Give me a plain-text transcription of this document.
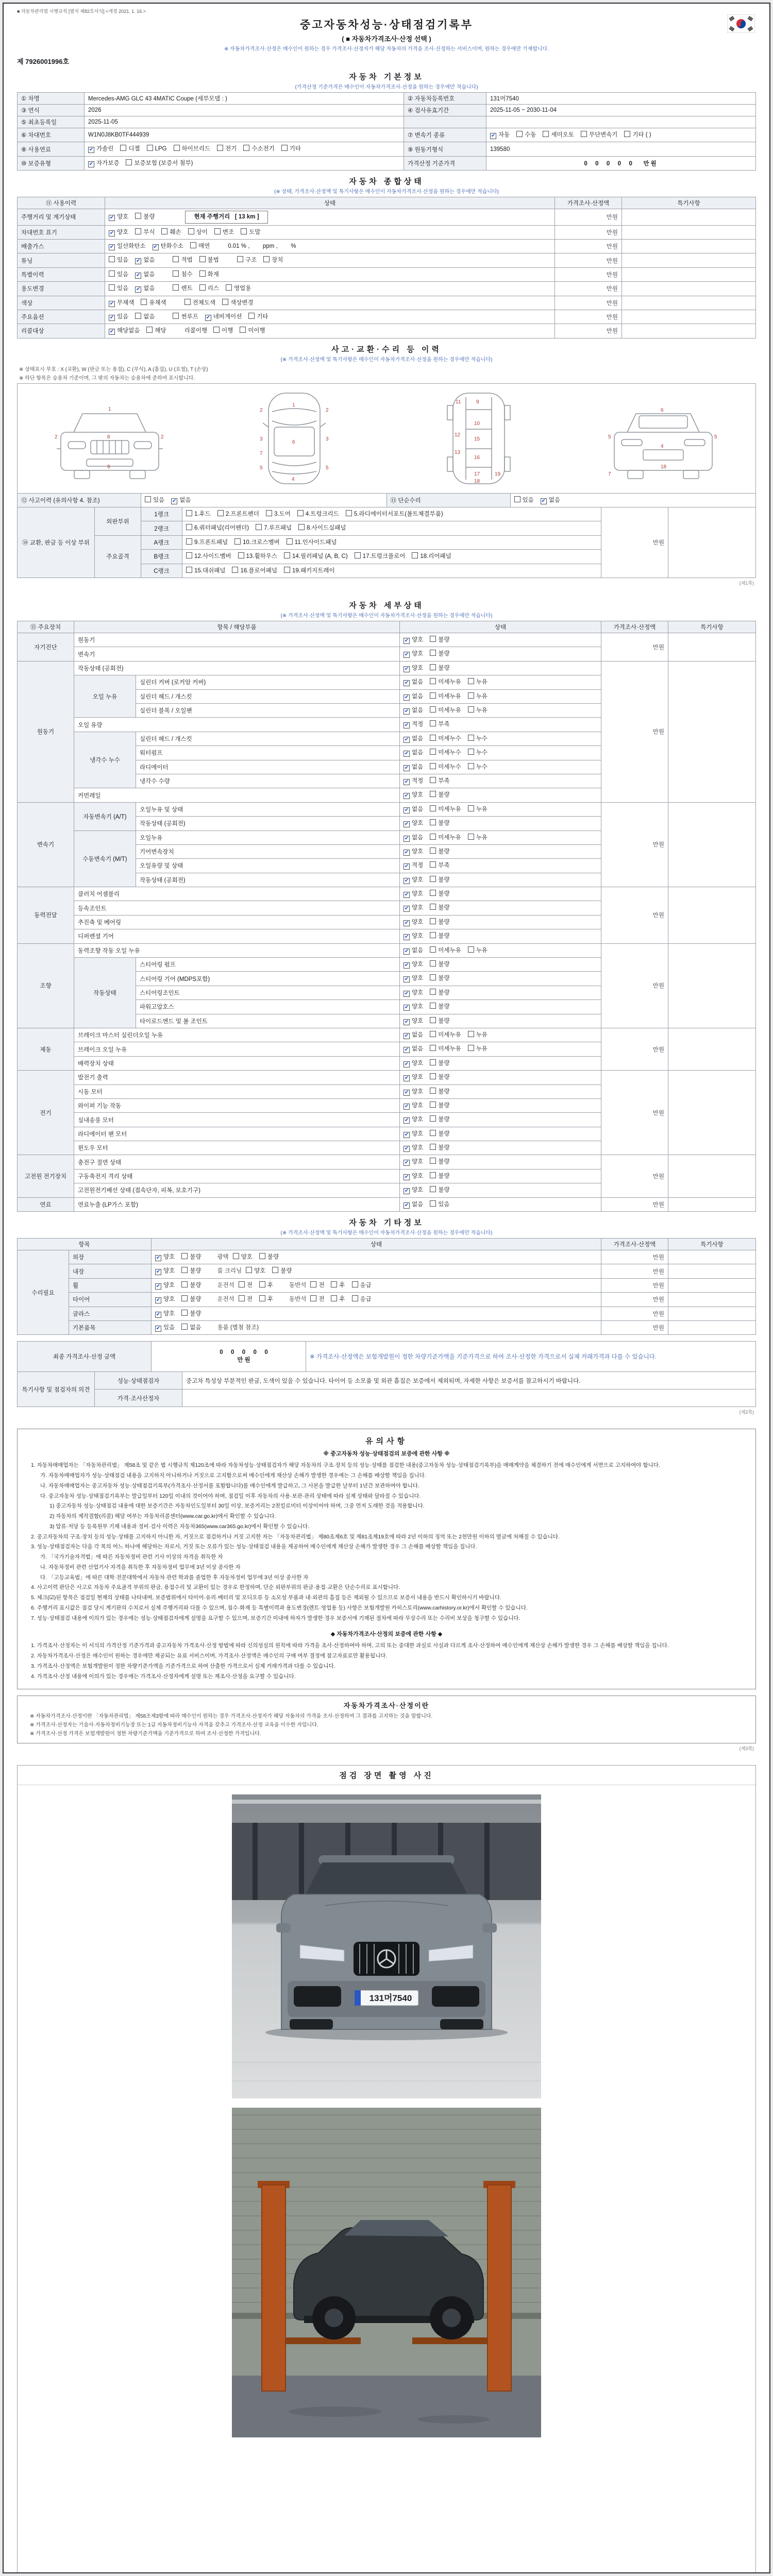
■ 자동차관리법 시행규칙 [별지 제82호서식] <개정 2021. 1. 16.>
중고자동차성능·상태점검기록부
( ■ 자동차가격조사·산정 선택 )
※ 자동차가격조사·산정은 매수인이 원하는 경우 가격조사·산정자가 해당 자동차의 가격을 조사·산정하는 서비스이며, 원하는 경우에만 기재합니다.
제 7926001996호
자동차 기본정보
(가격산정 기준가격은 매수인이 자동차가격조사·산정을 원하는 경우에만 적습니다)
① 차명	Mercedes-AMG GLC 43 4MATIC Coupe (세부모델 : )	② 자동차등록번호	131머7540
③ 연식	2026	④ 검사유효기간	2025-11-05 ~ 2030-11-04
⑤ 최초등록일	2025-11-05		
⑥ 차대번호	W1N0J8KB0TF444939	⑦ 변속기 종류	✔ 자동 수동 세미오토 무단변속기 기타 ( )
⑧ 사용연료	✔ 가솔린 디젤 LPG 하이브리드 전기 수소전기 기타	⑨ 원동기형식	139580
⑩ 보증유형	✔ 자가보증 보증보험 (보증서 첨부)	가격산정 기준가격	0  0  0  0  0   만원
자동차 종합상태
(※ 상태, 가격조사·산정액 및 특기사항은 매수인이 자동차가격조사·산정을 원하는 경우에만 적습니다)
⑪ 사용이력	상태	가격조사·산정액	특기사항
주행거리 및 계기상태	✔ 양호 불량 현재 주행거리   [ 13 km ]	만원	
차대번호 표기	✔ 양호 부식 훼손 상이 변조 도말	만원	
배출가스	✔ 일산화탄소 ✔ 탄화수소 매연 0.01 % ,        ppm ,        %	만원	
튜닝	있음 ✔ 없음 적법 불법 구조 장치	만원	
특별이력	있음 ✔ 없음 침수 화재	만원	
용도변경	있음 ✔ 없음 렌트 리스 영업용	만원	
색상	✔ 무채색 유채색 전체도색 색상변경	만원	
주요옵션	✔ 있음 없음 썬루프 ✔ 네비게이션 기타	만원	
리콜대상	✔ 해당없음 해당 리콜이행 이행 미이행	만원	
사고·교환·수리 등 이력
(※ 가격조사·산정액 및 특기사항은 매수인이 자동차가격조사·산정을 원하는 경우에만 적습니다)
※ 상태표시 부호 : X (교환), W (판금 또는 용접), C (부식), A (흠집), U (요철), T (손상)
※ 하단 항목은 승용차 기준이며, 그 밖의 자동차는 승용차에 준하여 표시합니다.
1
2	2
8
9
1
6
4
3	3
5	5
2	2
7
9
10
11
12
13
15
16
17
18
19
6
4
5	5
18
7
⑫ 사고이력 (유의사항 4. 참조)	있음 ✔ 없음	⑬ 단순수리	있음 ✔ 없음
⑭ 교환, 판금 등 이상 부위	외판부위	1랭크	1.후드 2.프론트펜더 3.도어 4.트렁크리드 5.라디에이터서포트(볼트체결부품)	만원	
		2랭크	6.쿼터패널(리어펜더) 7.루프패널 8.사이드실패널		
	주요골격	A랭크	9.프론트패널 10.크로스멤버 11.인사이드패널		
		B랭크	12.사이드멤버 13.휠하우스 14.필러패널 (A, B, C) 17.트렁크플로어 18.리어패널		
		C랭크	15.대쉬패널 16.플로어패널 19.패키지트레이		
(제1쪽)
자동차 세부상태
(※ 가격조사·산정액 및 특기사항은 매수인이 자동차가격조사·산정을 원하는 경우에만 적습니다)
⑮ 주요장치	항목 / 해당부품		상태	가격조사·산정액	특기사항
자기진단	원동기		✔ 양호 불량	만원	
	변속기		✔ 양호 불량		
원동기	작동상태 (공회전)		✔ 양호 불량	만원	
	오일 누유	실린더 커버 (로커암 커버)	✔ 없음 미세누유 누유		
		실린더 헤드 / 개스킷	✔ 없음 미세누유 누유		
		실린더 블록 / 오일팬	✔ 없음 미세누유 누유		
	오일 유량		✔ 적정 부족		
	냉각수 누수	실린더 헤드 / 개스킷	✔ 없음 미세누수 누수		
		워터펌프	✔ 없음 미세누수 누수		
		라디에이터	✔ 없음 미세누수 누수		
		냉각수 수량	✔ 적정 부족		
	커먼레일		✔ 양호 불량		
변속기	자동변속기 (A/T)	오일누유 및 상태	✔ 없음 미세누유 누유	만원	
		작동상태 (공회전)	✔ 양호 불량		
	수동변속기 (M/T)	오일누유	✔ 없음 미세누유 누유		
		기어변속장치	✔ 양호 불량		
		오일유량 및 상태	✔ 적정 부족		
		작동상태 (공회전)	✔ 양호 불량		
동력전달	클러치 어셈블리		✔ 양호 불량	만원	
	등속조인트		✔ 양호 불량		
	추진축 및 베어링		✔ 양호 불량		
	디퍼렌셜 기어		✔ 양호 불량		
조향	동력조향 작동 오일 누유		✔ 없음 미세누유 누유	만원	
	작동상태	스티어링 펌프	✔ 양호 불량		
		스티어링 기어 (MDPS포함)	✔ 양호 불량		
		스티어링조인트	✔ 양호 불량		
		파워고압호스	✔ 양호 불량		
		타이로드엔드 및 볼 조인트	✔ 양호 불량		
제동	브레이크 마스터 실린더오일 누유		✔ 없음 미세누유 누유	만원	
	브레이크 오일 누유		✔ 없음 미세누유 누유		
	배력장치 상태		✔ 양호 불량		
전기	발전기 출력		✔ 양호 불량	만원	
	시동 모터		✔ 양호 불량		
	와이퍼 기능 작동		✔ 양호 불량		
	실내송풍 모터		✔ 양호 불량		
	라디에이터 팬 모터		✔ 양호 불량		
	윈도우 모터		✔ 양호 불량		
고전원 전기장치	충전구 절연 상태		✔ 양호 불량	만원	
	구동축전지 격리 상태		✔ 양호 불량		
	고전원전기배선 상태 (접속단자, 피복, 보호기구)		✔ 양호 불량		
연료	연료누출 (LP가스 포함)		✔ 없음 있음	만원	
자동차 기타정보
(※ 가격조사·산정액 및 특기사항은 매수인이 자동차가격조사·산정을 원하는 경우에만 적습니다)
항목		상태	가격조사·산정액	특기사항
수리필요	외장	✔ 양호 불량 광택 양호 불량	만원	
	내장	✔ 양호 불량 룸 크리닝 양호 불량	만원	
	휠	✔ 양호 불량 운전석 전 후 동반석 전 후 응급	만원	
	타이어	✔ 양호 불량 운전석 전 후 동반석 전 후 응급	만원	
	글라스	✔ 양호 불량	만원	
	기본품목	✔ 있음 없음 용품 (별첨 참조)	만원	
최종 가격조사·산정 금액	
0  0  0  0  0
만원	※ 가격조사·산정액은 보험개발원이 정한 차량기준가액을 기준가격으로 하여 조사·산정한 가격으로서 실제 거래가격과 다를 수 있습니다.
특기사항 및 점검자의 의견	성능·상태점검자	중고차 특성상 부분적인 판금, 도색이 있을 수 있습니다. 타이어 등 소모품 및 외관 흠집은 보증에서 제외되며, 자세한 사항은 보증서를 참고하시기 바랍니다.
	가격·조사산정자	
(제2쪽)
유의사항
※ 중고자동차 성능·상태점검의 보증에 관한 사항 ※
1. 자동차매매업자는 「자동차관리법」 제58조 및 같은 법 시행규칙 제120조에 따라 자동차성능·상태점검자가 해당 자동차의 구조·장치 등의 성능·상태를 점검한 내용(중고자동차 성능·상태점검기록부)을 매매계약을 체결하기 전에 매수인에게 서면으로 고지하여야 합니다.
가. 자동차매매업자가 성능·상태점검 내용을 고지하지 아니하거나 거짓으로 고지함으로써 매수인에게 재산상 손해가 발생한 경우에는 그 손해를 배상할 책임을 집니다.
나. 자동차매매업자는 중고자동차 성능·상태점검기록부(가격조사·산정서를 포함합니다)를 매수인에게 발급하고, 그 사본을 발급한 날부터 1년간 보관하여야 합니다.
다. 중고자동차 성능·상태점검기록부는 발급일부터 120일 이내의 것이어야 하며, 점검일 이후 자동차의 사용·보관·관리 상태에 따라 실제 상태와 달라질 수 있습니다.
1) 중고자동차 성능·상태점검 내용에 대한 보증기간은 자동차인도일부터 30일 이상, 보증거리는 2천킬로미터 이상이어야 하며, 그중 먼저 도래한 것을 적용합니다.
2) 자동차의 제작결함(리콜) 해당 여부는 자동차리콜센터(www.car.go.kr)에서 확인할 수 있습니다.
3) 압류·저당 등 등록원부 기재 내용과 정비·검사 이력은 자동차365(www.car365.go.kr)에서 확인할 수 있습니다.
2. 중고자동차의 구조·장치 등의 성능·상태를 고지하지 아니한 자, 거짓으로 점검하거나 거짓 고지한 자는 「자동차관리법」 제80조제6호 및 제81조제19호에 따라 2년 이하의 징역 또는 2천만원 이하의 벌금에 처해질 수 있습니다.
3. 성능·상태점검자는 다음 각 목의 어느 하나에 해당하는 자로서, 거짓 또는 오류가 있는 성능·상태점검 내용을 제공하여 매수인에게 재산상 손해가 발생한 경우 그 손해를 배상할 책임을 집니다.
가. 「국가기술자격법」에 따른 자동차정비 관련 기사 이상의 자격을 취득한 자
나. 자동차정비 관련 산업기사 자격을 취득한 후 자동차정비 업무에 3년 이상 종사한 자
다. 「고등교육법」에 따른 대학·전문대학에서 자동차 관련 학과를 졸업한 후 자동차정비 업무에 3년 이상 종사한 자
4. 사고이력 판단은 사고로 자동차 주요골격 부위의 판금, 용접수리 및 교환이 있는 경우로 한정하며, 단순 외판부위의 판금·용접·교환은 단순수리로 표시합니다.
5. 체크(☑)된 항목은 점검일 현재의 상태를 나타내며, 보증범위에서 타이어·유리·배터리 및 오디오류 등 소모성 부품과 내·외관의 흠집 등은 제외될 수 있으므로 보증서 내용을 반드시 확인하시기 바랍니다.
6. 주행거리 표시값은 점검 당시 계기판의 수치로서 실제 주행거리와 다를 수 있으며, 침수·화재 등 특별이력과 용도변경(렌트·영업용 등) 사항은 보험개발원 카히스토리(www.carhistory.or.kr)에서 확인할 수 있습니다.
7. 성능·상태점검 내용에 이의가 있는 경우에는 성능·상태점검자에게 설명을 요구할 수 있으며, 보증기간 이내에 하자가 발생한 경우 보증서에 기재된 절차에 따라 무상수리 또는 수리비 보상을 청구할 수 있습니다.
◆ 자동차가격조사·산정의 보증에 관한 사항 ◆
1. 가격조사·산정자는 이 서식의 가격산정 기준가격과 중고자동차 가격조사·산정 방법에 따라 신의성실의 원칙에 따라 가격을 조사·산정하여야 하며, 고의 또는 중대한 과실로 사실과 다르게 조사·산정하여 매수인에게 재산상 손해가 발생한 경우 그 손해를 배상할 책임을 집니다.
2. 자동차가격조사·산정은 매수인이 원하는 경우에만 제공되는 유료 서비스이며, 가격조사·산정액은 매수인의 구매 여부 결정에 참고자료로만 활용됩니다.
3. 가격조사·산정액은 보험개발원이 정한 차량기준가액을 기준가격으로 하여 산출한 가격으로서 실제 거래가격과 다를 수 있습니다.
4. 가격조사·산정 내용에 이의가 있는 경우에는 가격조사·산정자에게 설명 또는 재조사·산정을 요구할 수 있습니다.
자동차가격조사·산정이란
※ 자동차가격조사·산정이란 「자동차관리법」 제58조제3항에 따라 매수인이 원하는 경우 가격조사·산정자가 해당 자동차의 가격을 조사·산정하여 그 결과를 고지하는 것을 말합니다.
※ 가격조사·산정자는 기술사·자동차정비기능장 또는 1급 자동차정비기능사 자격을 갖추고 가격조사·산정 교육을 이수한 자입니다.
※ 가격조사·산정 가격은 보험개발원이 정한 차량기준가액을 기준가격으로 하여 조사·산정한 가격입니다.
(제3쪽)
점검 장면 촬영 사진
131머7540
